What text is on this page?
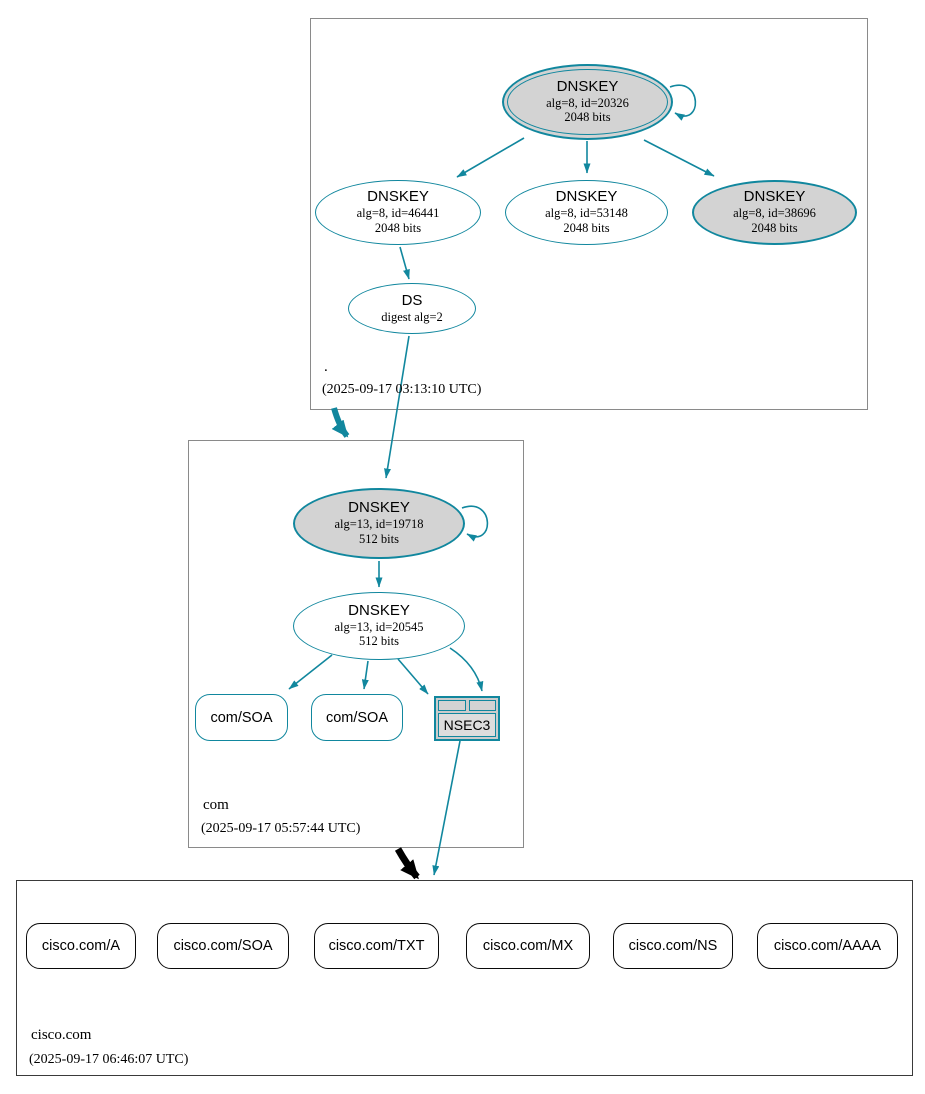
DNSKEY
alg=8, id=20326
2048 bits
DNSKEY
alg=8, id=46441
2048 bits
DNSKEY
alg=8, id=53148
2048 bits
DNSKEY
alg=8, id=38696
2048 bits
DS
digest alg=2
.
(2025-09-17 03:13:10 UTC)
DNSKEY
alg=13, id=19718
512 bits
DNSKEY
alg=13, id=20545
512 bits
com/SOA	com/SOA	NSEC3
com
(2025-09-17 05:57:44 UTC)
cisco.com/A	cisco.com/SOA	cisco.com/TXT	cisco.com/MX	cisco.com/NS	cisco.com/AAAA
cisco.com
(2025-09-17 06:46:07 UTC)
